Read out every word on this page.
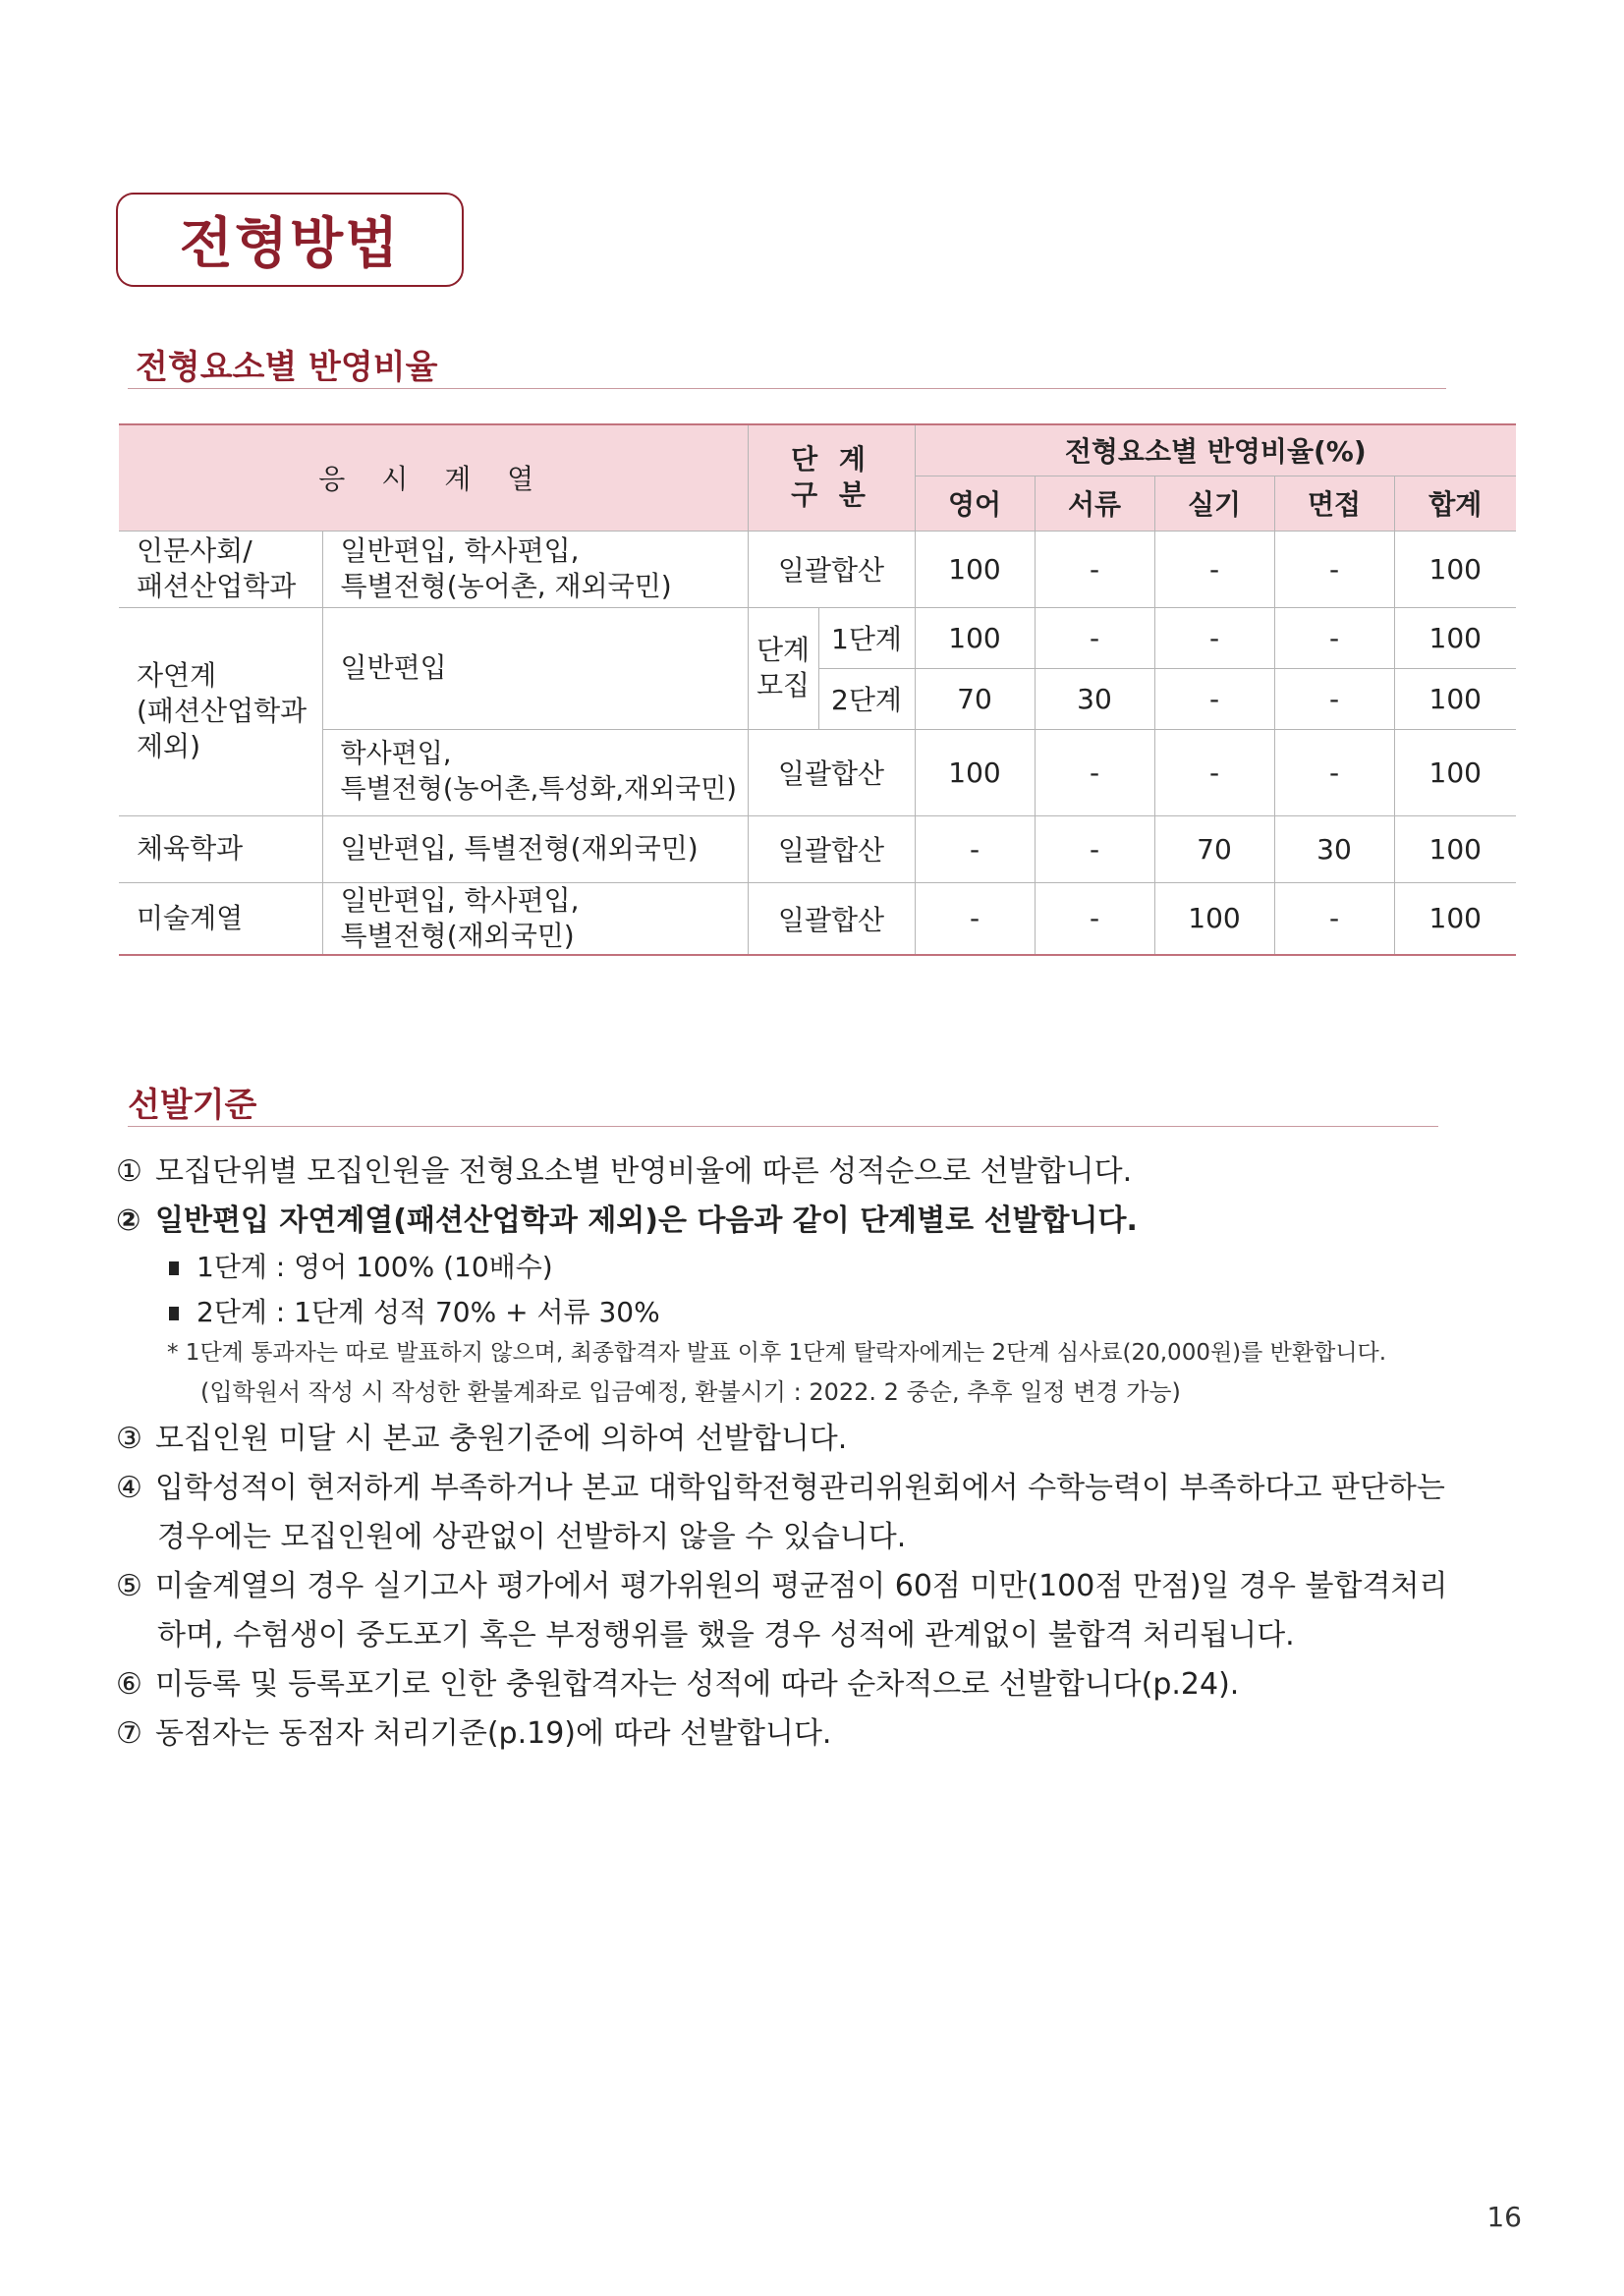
전형방법
전형요소별 반영비율
응 시 계 열		단 계
구 분		전형요소별 반영비율(%)				
				영어	서류	실기	면접	합계
인문사회/
패션산업학과	일반편입, 학사편입,
특별전형(농어촌, 재외국민)	일괄합산		100	-	-	-	100
자연계
(패션산업학과
제외)	일반편입	단계
모집	1단계	100	-	-	-	100
			2단계	70	30	-	-	100
	학사편입,
특별전형(농어촌,특성화,재외국민)	일괄합산		100	-	-	-	100
체육학과	일반편입, 특별전형(재외국민)	일괄합산		-	-	70	30	100
미술계열	일반편입, 학사편입,
특별전형(재외국민)	일괄합산		-	-	100	-	100
선발기준
① 모집단위별 모집인원을 전형요소별 반영비율에 따른 성적순으로 선발합니다.
② 일반편입 자연계열(패션산업학과 제외)은 다음과 같이 단계별로 선발합니다.
1단계 : 영어 100% (10배수)
2단계 : 1단계 성적 70% + 서류 30%
* 1단계 통과자는 따로 발표하지 않으며, 최종합격자 발표 이후 1단계 탈락자에게는 2단계 심사료(20,000원)를 반환합니다.
(입학원서 작성 시 작성한 환불계좌로 입금예정, 환불시기 : 2022. 2 중순, 추후 일정 변경 가능)
③ 모집인원 미달 시 본교 충원기준에 의하여 선발합니다.
④ 입학성적이 현저하게 부족하거나 본교 대학입학전형관리위원회에서 수학능력이 부족하다고 판단하는
경우에는 모집인원에 상관없이 선발하지 않을 수 있습니다.
⑤ 미술계열의 경우 실기고사 평가에서 평가위원의 평균점이 60점 미만(100점 만점)일 경우 불합격처리
하며, 수험생이 중도포기 혹은 부정행위를 했을 경우 성적에 관계없이 불합격 처리됩니다.
⑥ 미등록 및 등록포기로 인한 충원합격자는 성적에 따라 순차적으로 선발합니다(p.24).
⑦ 동점자는 동점자 처리기준(p.19)에 따라 선발합니다.
16
